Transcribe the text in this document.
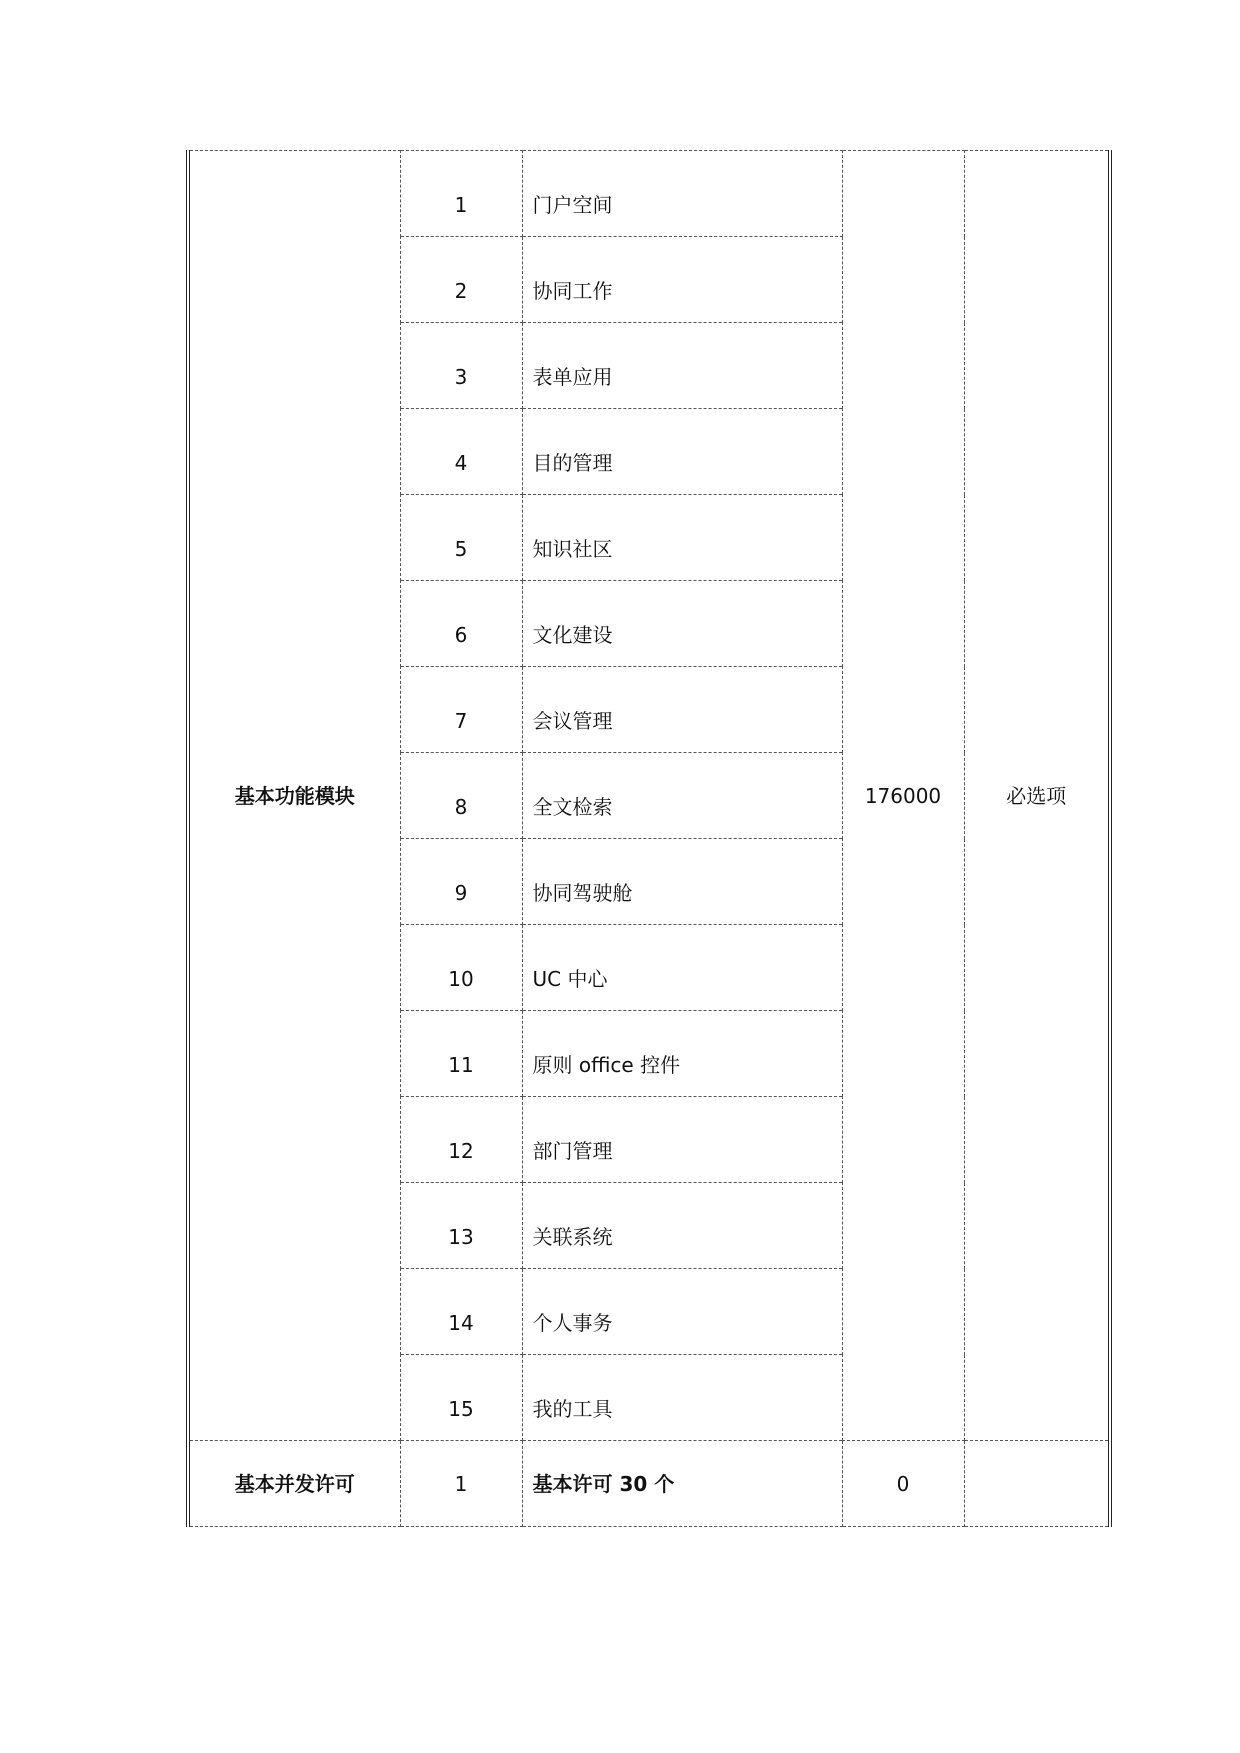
基本功能模块	1	门户空间	176000	必选项
	2	协同工作		
	3	表单应用		
	4	目的管理		
	5	知识社区		
	6	文化建设		
	7	会议管理		
	8	全文检索		
	9	协同驾驶舱		
	10	UC 中心		
	11	原则 office 控件		
	12	部门管理		
	13	关联系统		
	14	个人事务		
	15	我的工具		
基本并发许可	1	基本许可 30 个	0	
